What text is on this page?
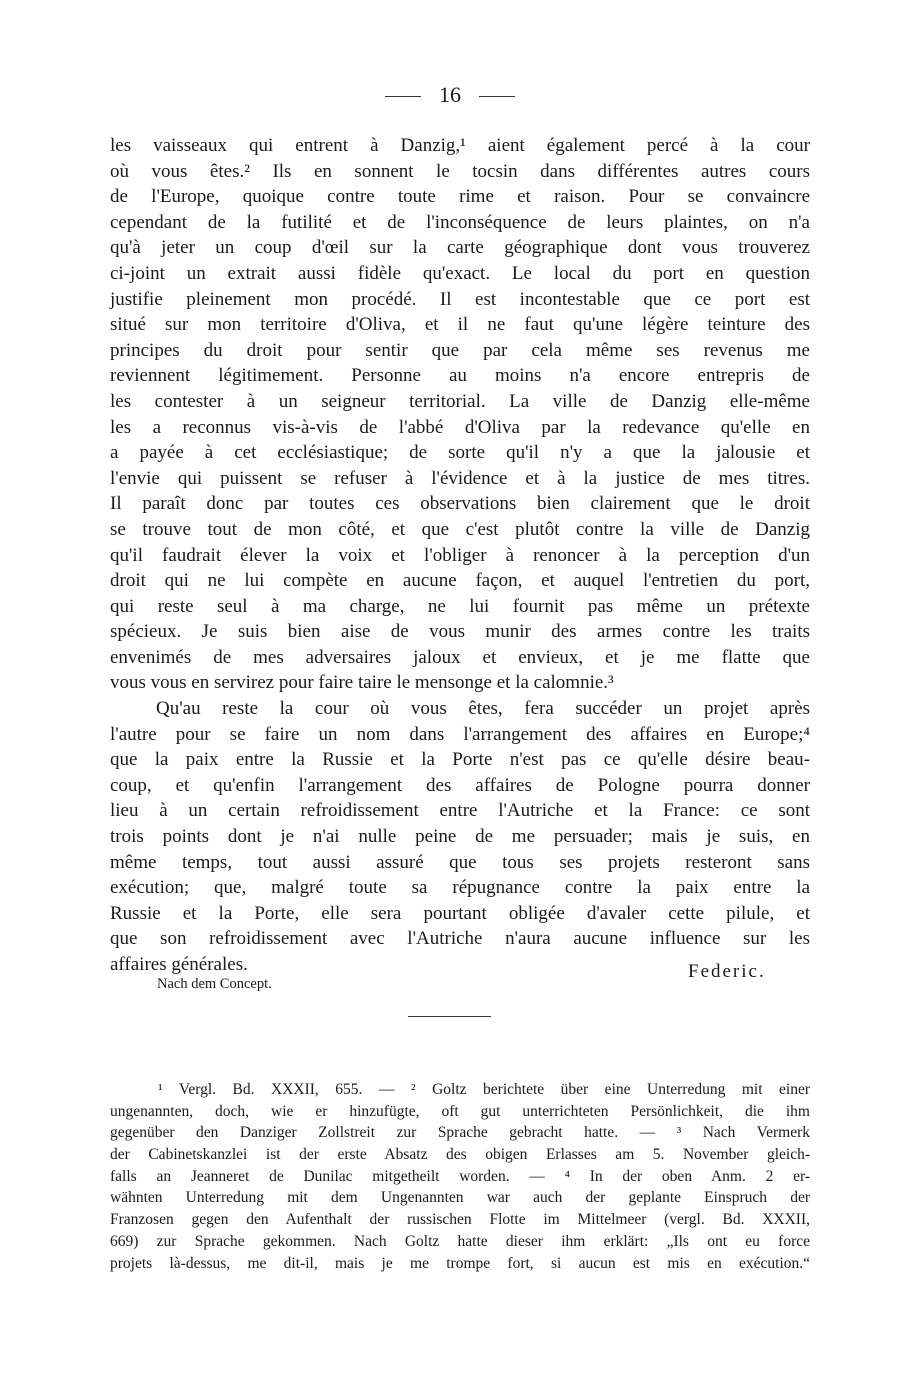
16
les vaisseaux qui entrent à Danzig,¹ aient également percé à la cour
où vous êtes.² Ils en sonnent le tocsin dans différentes autres cours
de l'Europe, quoique contre toute rime et raison. Pour se convaincre
cependant de la futilité et de l'inconséquence de leurs plaintes, on n'a
qu'à jeter un coup d'œil sur la carte géographique dont vous trouverez
ci-joint un extrait aussi fidèle qu'exact. Le local du port en question
justifie pleinement mon procédé. Il est incontestable que ce port est
situé sur mon territoire d'Oliva, et il ne faut qu'une légère teinture des
principes du droit pour sentir que par cela même ses revenus me
reviennent légitimement. Personne au moins n'a encore entrepris de
les contester à un seigneur territorial. La ville de Danzig elle-même
les a reconnus vis-à-vis de l'abbé d'Oliva par la redevance qu'elle en
a payée à cet ecclésiastique; de sorte qu'il n'y a que la jalousie et
l'envie qui puissent se refuser à l'évidence et à la justice de mes titres.
Il paraît donc par toutes ces observations bien clairement que le droit
se trouve tout de mon côté, et que c'est plutôt contre la ville de Danzig
qu'il faudrait élever la voix et l'obliger à renoncer à la perception d'un
droit qui ne lui compète en aucune façon, et auquel l'entretien du port,
qui reste seul à ma charge, ne lui fournit pas même un prétexte
spécieux. Je suis bien aise de vous munir des armes contre les traits
envenimés de mes adversaires jaloux et envieux, et je me flatte que
vous vous en servirez pour faire taire le mensonge et la calomnie.³
Qu'au reste la cour où vous êtes, fera succéder un projet après
l'autre pour se faire un nom dans l'arrangement des affaires en Europe;⁴
que la paix entre la Russie et la Porte n'est pas ce qu'elle désire beau-
coup, et qu'enfin l'arrangement des affaires de Pologne pourra donner
lieu à un certain refroidissement entre l'Autriche et la France: ce sont
trois points dont je n'ai nulle peine de me persuader; mais je suis, en
même temps, tout aussi assuré que tous ses projets resteront sans
exécution; que, malgré toute sa répugnance contre la paix entre la
Russie et la Porte, elle sera pourtant obligée d'avaler cette pilule, et
que son refroidissement avec l'Autriche n'aura aucune influence sur les
affaires générales.	Federic.
Nach dem Concept.
¹ Vergl. Bd. XXXII, 655. — ² Goltz berichtete über eine Unterredung mit einer
ungenannten, doch, wie er hinzufügte, oft gut unterrichteten Persönlichkeit, die ihm
gegenüber den Danziger Zollstreit zur Sprache gebracht hatte. — ³ Nach Vermerk
der Cabinetskanzlei ist der erste Absatz des obigen Erlasses am 5. November gleich-
falls an Jeanneret de Dunilac mitgetheilt worden. — ⁴ In der oben Anm. 2 er-
wähnten Unterredung mit dem Ungenannten war auch der geplante Einspruch der
Franzosen gegen den Aufenthalt der russischen Flotte im Mittelmeer (vergl. Bd. XXXII,
669) zur Sprache gekommen. Nach Goltz hatte dieser ihm erklärt: „Ils ont eu force
projets là-dessus, me dit-il, mais je me trompe fort, si aucun est mis en exécution.“
